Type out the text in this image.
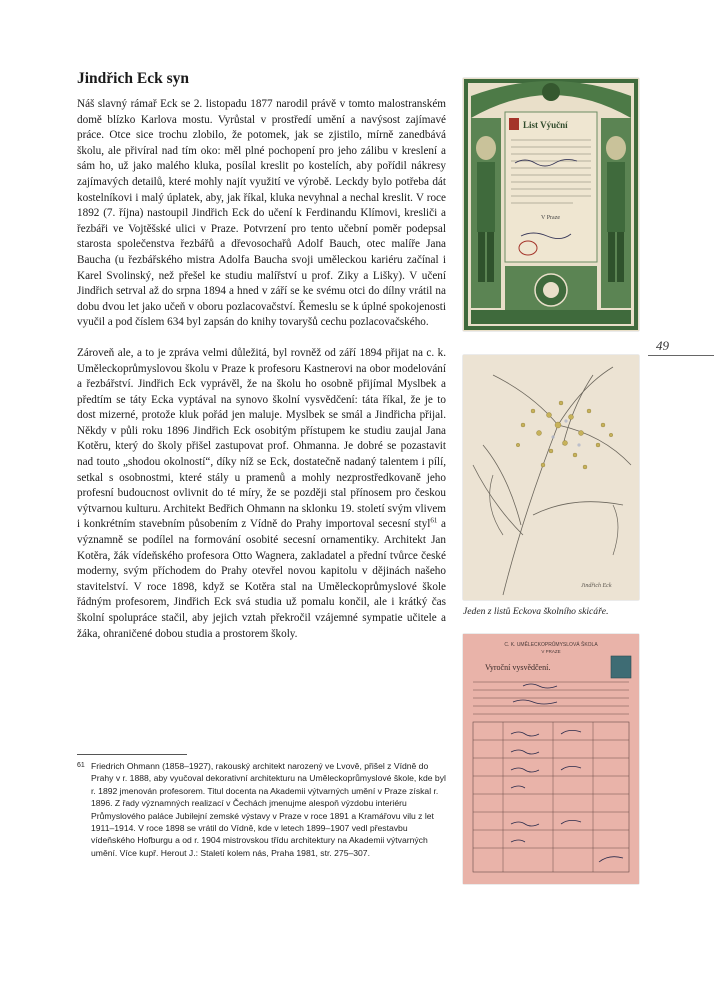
Jindřich Eck syn

Náš slavný rámař Eck se 2. listopadu 1877 narodil právě v tomto malostranském domě blízko Karlova mostu. Vyrůstal v prostředí umění a navýsost zajímavé práce. Otce sice trochu zlobilo, že potomek, jak se zjistilo, mírně zanedbává školu, ale přivíral nad tím oko: měl plné pochopení pro jeho zálibu v kreslení a sám ho, už jako malého kluka, posílal kreslit po kostelích, aby pořídil nákresy zajímavých detailů, které mohly najít využití ve výrobě. Leckdy bylo potřeba dát kostelníkovi i malý úplatek, aby, jak říkal, kluka nevyhnal a nechal kreslit. V roce 1892 (7. října) nastoupil Jindřich Eck do učení k Ferdinandu Klímovi, kresliči a řezbáři ve Vojtěšské ulici v Praze. Potvrzení pro tento učební poměr podepsal starosta společenstva řezbářů a dřevosochařů Adolf Bauch, otec malíře Jana Baucha (u řezbářského mistra Adolfa Baucha svoji uměleckou kariéru začínal i Karel Svolinský, než přešel ke studiu malířství u prof. Ziky a Lišky). V učení Jindřich setrval až do srpna 1894 a hned v září se ke svému otci do dílny vrátil na dobu dvou let jako učeň v oboru pozlacovačství. Řemeslu se k úplné spokojenosti vyučil a pod číslem 634 byl zapsán do knihy tovaryšů cechu pozlacovačského.

Zároveň ale, a to je zpráva velmi důležitá, byl rovněž od září 1894 přijat na c. k. Uměleckoprůmyslovou školu v Praze k profesoru Kastnerovi na obor modelování a řezbářství. Jindřich Eck vyprávěl, že na školu ho osobně přijímal Myslbek a předtím se táty Ecka vyptával na synovo školní vysvědčení: táta říkal, že je to dost mizerné, protože kluk pořád jen maluje. Myslbek se smál a Jindřicha přijal. Někdy v půli roku 1896 Jindřich Eck osobitým přístupem ke studiu zaujal Jana Kotěru, který do školy přišel zastupovat prof. Ohmanna. Je dobré se pozastavit nad touto „shodou okolností“, díky níž se Eck, dostatečně nadaný talentem i pílí, setkal s osobnostmi, které stály u pramenů a mohly nezprostředkovaně jeho profesní budoucnost ovlivnit do té míry, že se později stal přínosem pro českou výtvarnou kulturu. Architekt Bedřich Ohmann na sklonku 19. století svým vlivem i konkrétním stavebním působením z Vídně do Prahy importoval secesní styl$^{61}$ a významně se podílel na formování osobité secesní ornamentiky. Architekt Jan Kotěra, žák vídeňského profesora Otto Wagnera, zakladatel a přední tvůrce české moderny, svým příchodem do Prahy otevřel novou kapitolu v dějinách našeho stavitelství. V roce 1898, když se Kotěra stal na Uměleckoprůmyslové škole řádným profesorem, Jindřich Eck svá studia už pomalu končil, ale i krátký čas školní spolupráce stačil, aby jejich vztah překročil vzájemné sympatie učitele a žáka, ohraničené dobou studia a prostorem školy.

61 Friedrich Ohmann (1858–1927), rakouský architekt narozený ve Lvově, přišel z Vídně do Prahy v r. 1888, aby vyučoval dekorativní architekturu na Uměleckoprůmyslové škole, kde byl r. 1892 jmenován profesorem. Titul docenta na Akademii výtvarných umění v Praze získal r. 1896. Z řady významných realizací v Čechách jmenujme alespoň výzdobu interiéru Průmyslového paláce Jubilejní zemské výstavy v Praze v roce 1891 a Kramářovu vilu z let 1911–1914. V roce 1898 se vrátil do Vídně, kde v letech 1899–1907 vedl přestavbu vídeňského Hofburgu a od r. 1904 mistrovskou třídu architektury na Akademii výtvarných umění. Více kupř. Herout J.: Staletí kolem nás, Praha 1981, str. 275–307.
49
List Výuční
V Praze
Jindřich Eck
Jeden z listů Eckova školního skicáře.
C. K. UMĚLECKOPRŮMYSLOVÁ ŠKOLA
V PRAZE
Vyroční vysvědčení.
